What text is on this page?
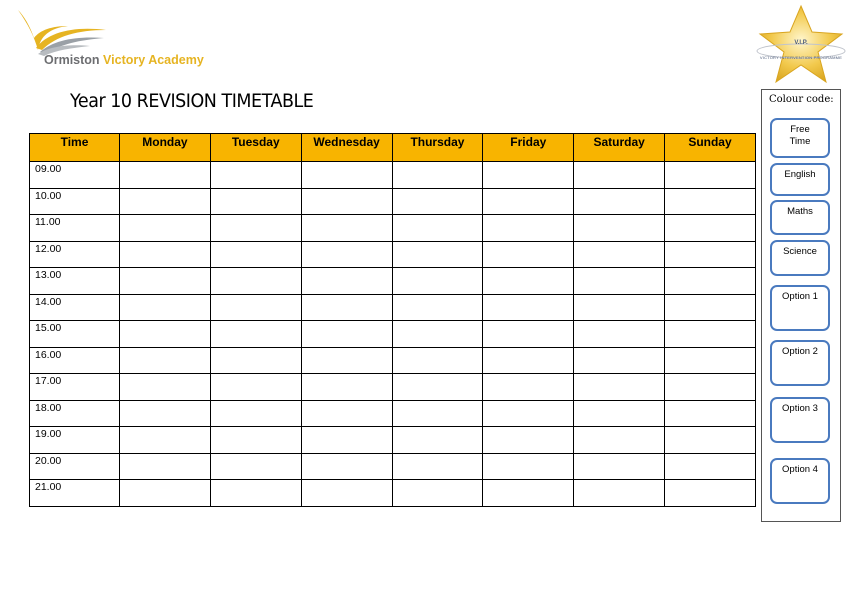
Ormiston Victory Academy
V.I.P.
VICTORY INTERVENTION PROGRAMME
Year 10 REVISION TIMETABLE
Time	Monday	Tuesday	Wednesday	Thursday	Friday	Saturday	Sunday
09.00							
10.00							
11.00							
12.00							
13.00							
14.00							
15.00							
16.00							
17.00							
18.00							
19.00							
20.00							
21.00							
Colour code:
Free
Time
English
Maths
Science
Option 1
Option 2
Option 3
Option 4
